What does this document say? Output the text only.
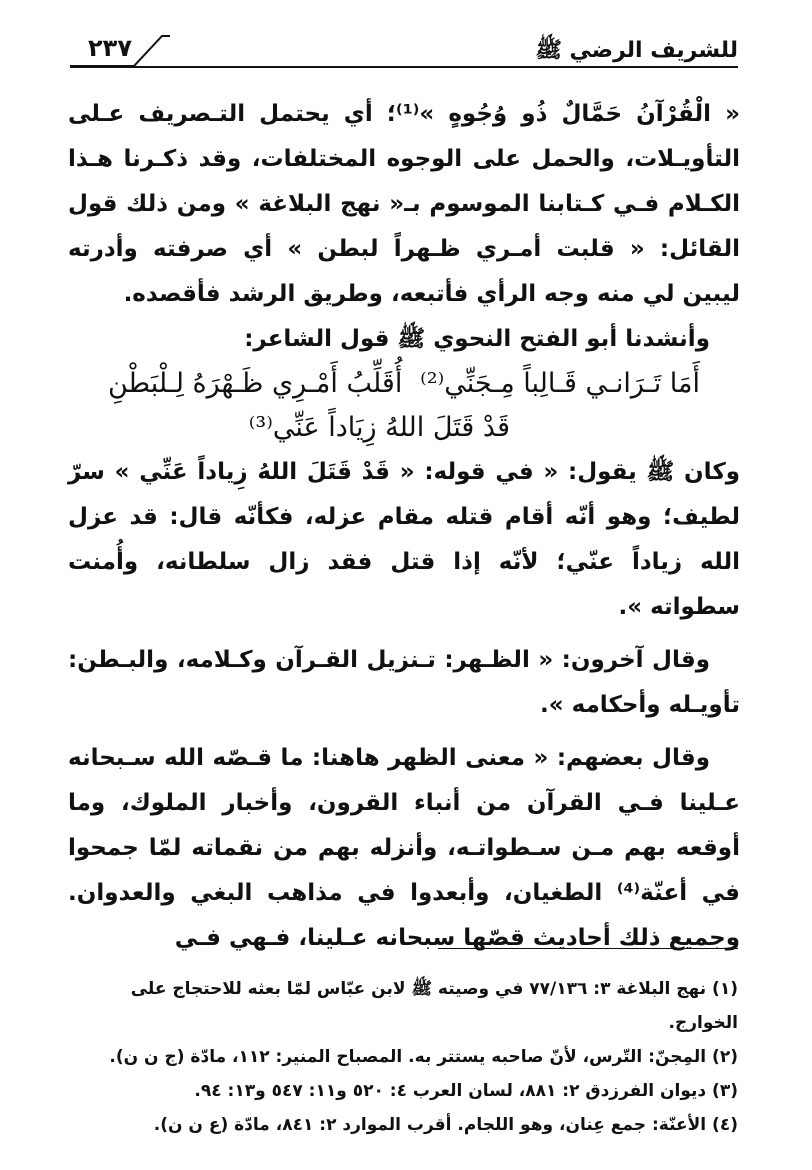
٢٣٧	للشريف الرضي ﷺ

« الْقُرْآنُ حَمَّالٌ ذُو وُجُوهٍ »⁽¹⁾؛ أي يحتمل التـصريف عـلى التأويـلات، والحمل على الوجوه المختلفات، وقد ذكـرنا هـذا الكـلام فـي كـتابنا الموسوم بـ« نهج البلاغة » ومن ذلك قول القائل: « قلبت أمـري ظـهراً لبطن » أي صرفته وأدرته ليبين لي منه وجه الرأي فأتبعه، وطريق الرشد فأقصده.

وأنشدنا أبو الفتح النحوي ﷺ قول الشاعر:

أَمَا تَـرَانـي قَـالِباً مِـجَنِّي⁽²⁾
أُقَلِّبُ أَمْـرِي ظَـهْرَهُ لِـلْبَطْنِ
قَدْ قَتَلَ اللهُ زِيَاداً عَنِّي⁽³⁾

وكان ﷺ يقول: « في قوله: « قَدْ قَتَلَ اللهُ زِياداً عَنِّي » سرّ لطيف؛ وهو أنّه أقام قتله مقام عزله، فكأنّه قال: قد عزل الله زياداً عنّي؛ لأنّه إذا قتل فقد زال سلطانه، وأُمنت سطواته ».

وقال آخرون: « الظـهر: تـنزيل القـرآن وكـلامه، والبـطن: تأويـله وأحكامه ».

وقال بعضهم: « معنى الظهر هاهنا: ما قـصّه الله سـبحانه عـلينا فـي القرآن من أنباء القرون، وأخبار الملوك، وما أوقعه بهم مـن سـطواتـه، وأنزله بهم من نقماته لمّا جمحوا في أعنّة⁽⁴⁾ الطغيان، وأبعدوا في مذاهب البغي والعدوان. وجميع ذلك أحاديث قصّها سبحانه عـلينا، فـهي فـي

(١) نهج البلاغة ٣: ٧٧/١٣٦ في وصيته ﷺ لابن عبّاس لمّا بعثه للاحتجاج على الخوارج.

(٢) المِجنّ: التّرس، لأنّ صاحبه يستتر به. المصباح المنير: ١١٢، مادّة (ج ن ن).

(٣) ديوان الفرزدق ٢: ٨٨١، لسان العرب ٤: ٥٢٠ و١١: ٥٤٧ و١٣: ٩٤.

(٤) الأعنّة: جمع عِنان، وهو اللجام. أقرب الموارد ٢: ٨٤١، مادّة (ع ن ن).
